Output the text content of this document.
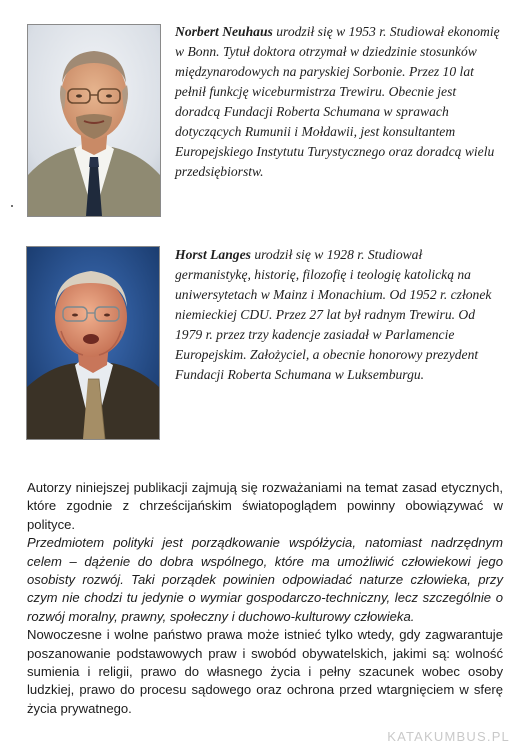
Norbert Neuhaus urodził się w 1953 r. Studiował ekonomię w Bonn. Tytuł doktora otrzymał w dziedzinie stosunków międzynarodowych na paryskiej Sorbonie. Przez 10 lat pełnił funkcję wiceburmistrza Trewiru. Obecnie jest doradcą Fundacji Roberta Schumana w sprawach dotyczących Rumunii i Mołdawii, jest konsultantem Europejskiego Instytutu Turystycznego oraz doradcą wielu przedsiębiorstw.

Horst Langes urodził się w 1928 r. Studiował germanistykę, historię, filozofię i teologię katolicką na uniwersytetach w Mainz i Monachium. Od 1952 r. członek niemieckiej CDU. Przez 27 lat był radnym Trewiru. Od 1979 r. przez trzy kadencje zasiadał w Parlamencie Europejskim. Założyciel, a obecnie honorowy prezydent Fundacji Roberta Schumana w Luksemburgu.

Autorzy niniejszej publikacji zajmują się rozważaniami na temat zasad etycznych, które zgodnie z chrześcijańskim światopoglądem powinny obowiązywać w polityce.

Przedmiotem polityki jest porządkowanie współżycia, natomiast nadrzędnym celem – dążenie do dobra wspólnego, które ma umożliwić człowiekowi jego osobisty rozwój. Taki porządek powinien odpowiadać naturze człowieka, przy czym nie chodzi tu jedynie o wymiar gospodarczo-techniczny, lecz szczególnie o rozwój moralny, prawny, społeczny i duchowo-kulturowy człowieka.

Nowoczesne i wolne państwo prawa może istnieć tylko wtedy, gdy zagwarantuje poszanowanie podstawowych praw i swobód obywatelskich, jakimi są: wolność sumienia i religii, prawo do własnego życia i pełny szacunek wobec osoby ludzkiej, prawo do procesu sądowego oraz ochrona przed wtargnięciem w sferę życia prywatnego.

KATAKUMBUS.PL
